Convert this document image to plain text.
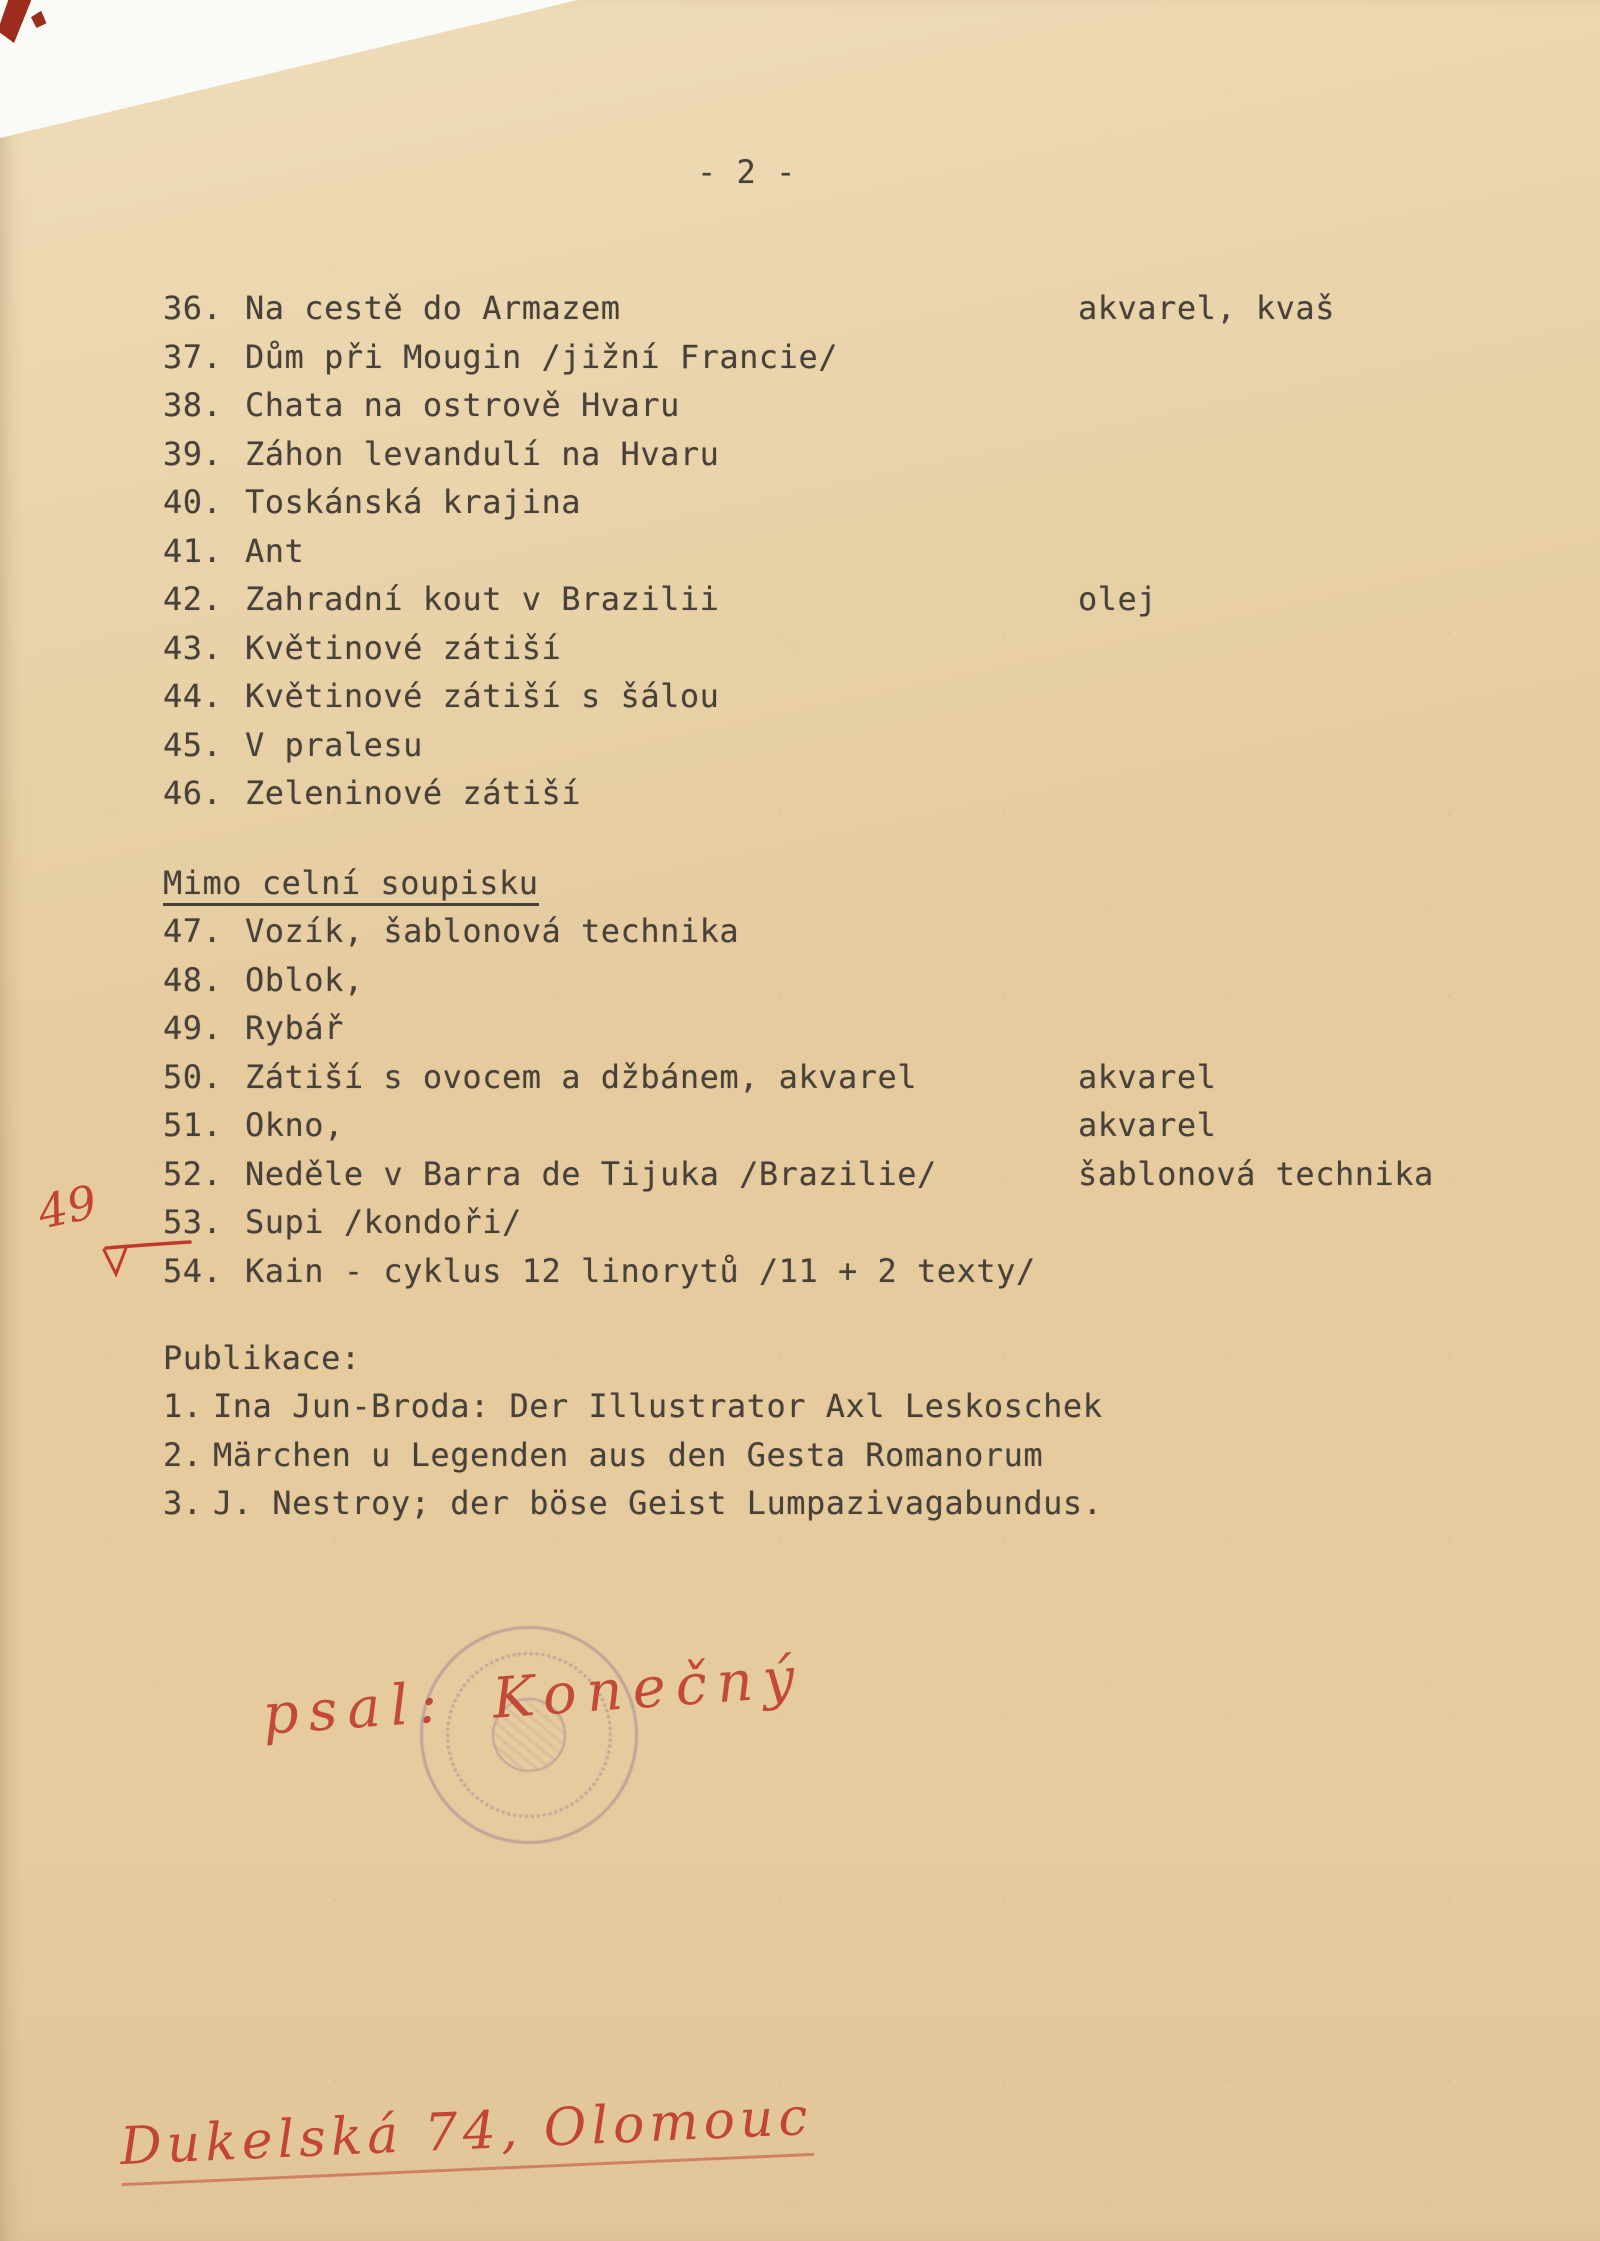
- 2 -
36. Na cestě do Armazem	akvarel, kvaš
37. Dům při Mougin /jižní Francie/
38. Chata na ostrově Hvaru
39. Záhon levandulí na Hvaru
40. Toskánská krajina
41. Ant
42. Zahradní kout v Brazilii	olej
43. Květinové zátiší
44. Květinové zátiší s šálou
45. V pralesu
46. Zeleninové zátiší
Mimo celní soupisku
47. Vozík, šablonová technika
48. Oblok,
49. Rybář
50. Zátiší s ovocem a džbánem, akvarel	akvarel
51. Okno,	akvarel
52. Neděle v Barra de Tijuka /Brazilie/	šablonová technika
53. Supi /kondoři/
54. Kain - cyklus 12 linorytů /11 + 2 texty/
Publikace:
1. Ina Jun-Broda: Der Illustrator Axl Leskoschek
2. Märchen u Legenden aus den Gesta Romanorum
3. J. Nestroy; der böse Geist Lumpazivagabundus.
49
psal: Konečný
Dukelská 74, Olomouc
